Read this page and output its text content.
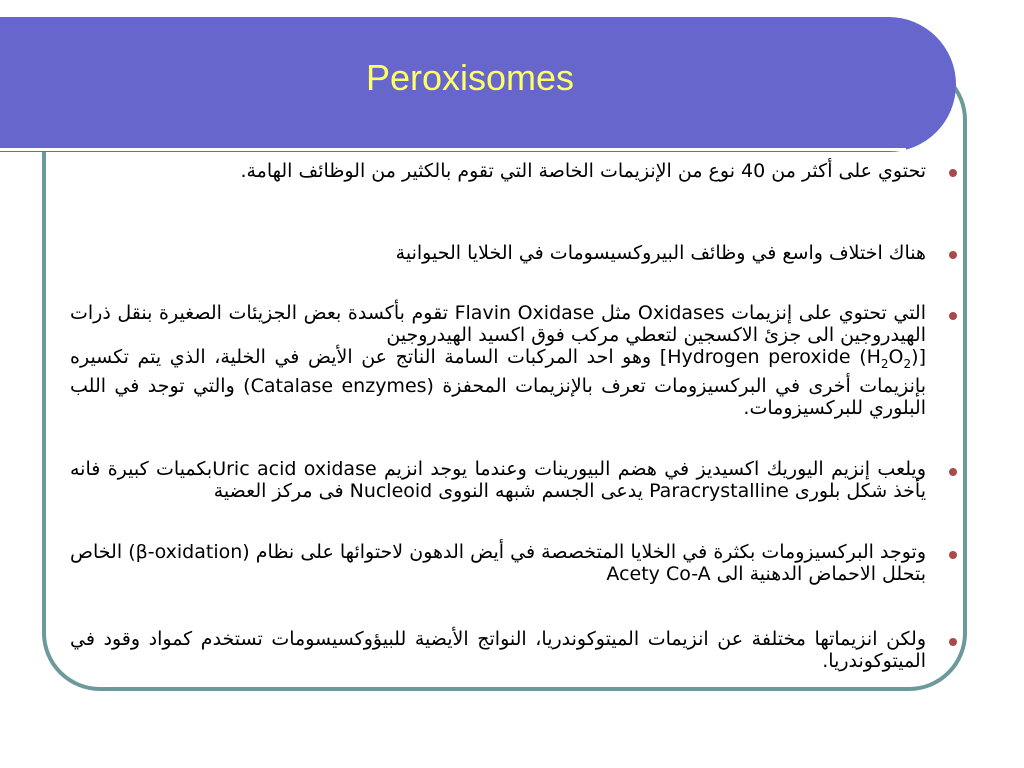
Peroxisomes
تحتوي على أكثر من 40 نوع من الإنزيمات الخاصة التي تقوم بالكثير من الوظائف الهامة.
هناك اختلاف واسع في وظائف البيروكسيسومات في الخلايا الحيوانية
التي تحتوي على إنزيمات Oxidases مثل Flavin Oxidase تقوم بأكسدة بعض الجزيئات الصغيرة بنقل ذرات الهيدروجين الى جزئ الاكسجين لتعطي مركب فوق اكسيد الهيدروجين
[Hydrogen peroxide $(H_2O_2)$] وهو احد المركبات السامة الناتج عن الأيض في الخلية، الذي يتم تكسيره بإنزيمات أخرى في البركسيزومات تعرف بالإنزيمات المحفزة (Catalase enzymes) والتي توجد في اللب البلوري للبركسيزومات.
ويلعب إنزيم اليوريك اكسيديز في هضم البيورينات وعندما يوجد انزيم Uric acid oxidaseبكميات كبيرة فانه يأخذ شكل بلورى Paracrystalline يدعى الجسم شبهه النووى Nucleoid فى مركز العضية
وتوجد البركسيزومات بكثرة في الخلايا المتخصصة في أيض الدهون لاحتوائها على نظام (β-oxidation) الخاص بتحلل الاحماض الدهنية الى Acety Co-A
ولكن انزيماتها مختلفة عن انزيمات الميتوكوندريا، النواتج الأيضية للبيؤوكسيسومات تستخدم كمواد وقود في الميتوكوندريا.
